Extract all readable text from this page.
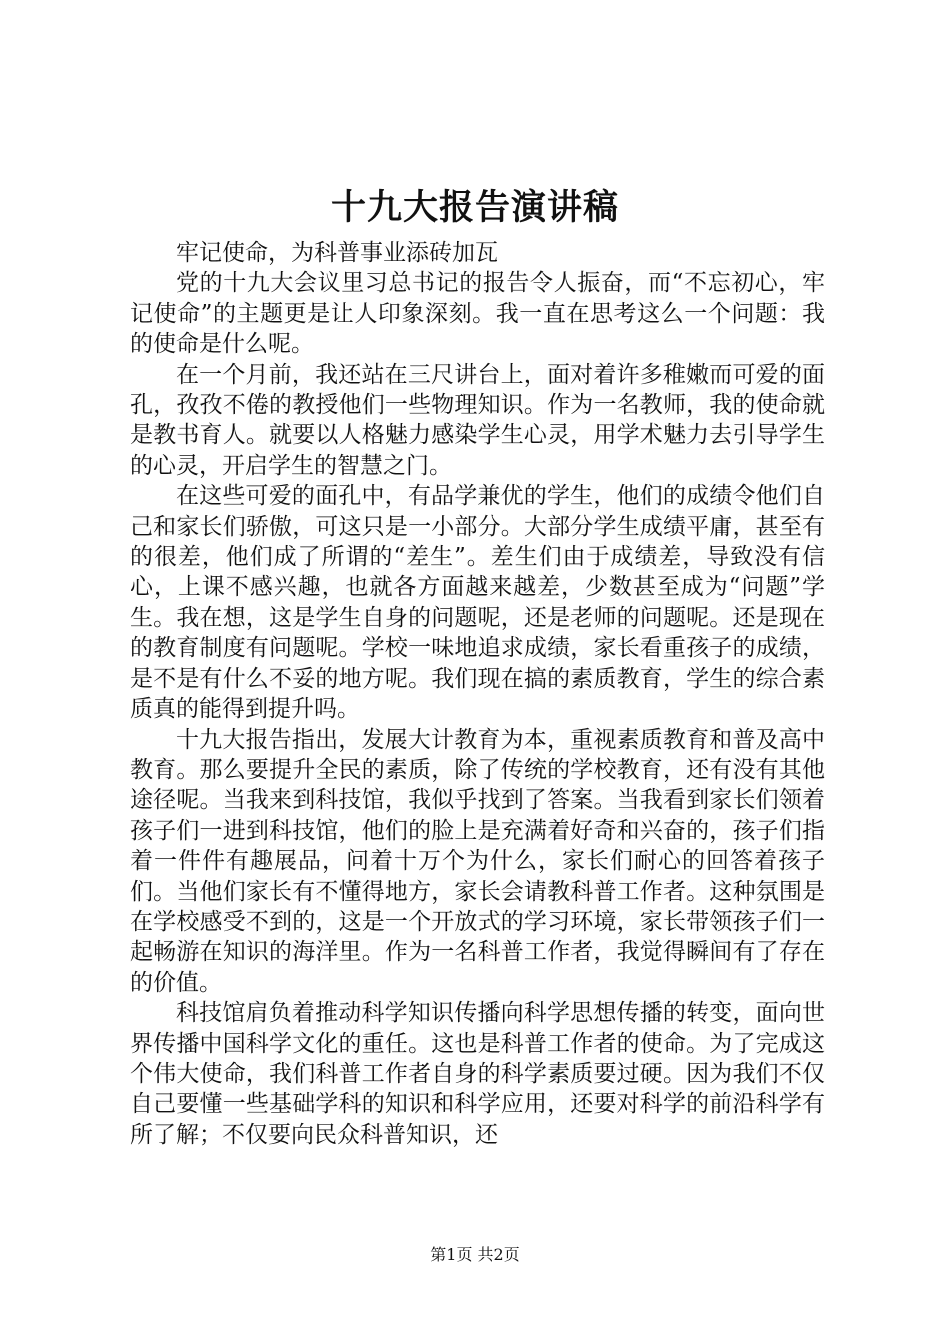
十九大报告演讲稿

牢记使命，为科普事业添砖加瓦

党的十九大会议里习总书记的报告令人振奋，而“不忘初心，牢记使命”的主题更是让人印象深刻。我一直在思考这么一个问题：我的使命是什么呢。

在一个月前，我还站在三尺讲台上，面对着许多稚嫩而可爱的面孔，孜孜不倦的教授他们一些物理知识。作为一名教师，我的使命就是教书育人。就要以人格魅力感染学生心灵，用学术魅力去引导学生的心灵，开启学生的智慧之门。

在这些可爱的面孔中，有品学兼优的学生，他们的成绩令他们自己和家长们骄傲，可这只是一小部分。大部分学生成绩平庸，甚至有的很差，他们成了所谓的“差生”。差生们由于成绩差，导致没有信心，上课不感兴趣，也就各方面越来越差，少数甚至成为“问题”学生。我在想，这是学生自身的问题呢，还是老师的问题呢。还是现在的教育制度有问题呢。学校一味地追求成绩，家长看重孩子的成绩，是不是有什么不妥的地方呢。我们现在搞的素质教育，学生的综合素质真的能得到提升吗。

十九大报告指出，发展大计教育为本，重视素质教育和普及高中教育。那么要提升全民的素质，除了传统的学校教育，还有没有其他途径呢。当我来到科技馆，我似乎找到了答案。当我看到家长们领着孩子们一进到科技馆，他们的脸上是充满着好奇和兴奋的，孩子们指着一件件有趣展品，问着十万个为什么，家长们耐心的回答着孩子们。当他们家长有不懂得地方，家长会请教科普工作者。这种氛围是在学校感受不到的，这是一个开放式的学习环境，家长带领孩子们一起畅游在知识的海洋里。作为一名科普工作者，我觉得瞬间有了存在的价值。

科技馆肩负着推动科学知识传播向科学思想传播的转变，面向世界传播中国科学文化的重任。这也是科普工作者的使命。为了完成这个伟大使命，我们科普工作者自身的科学素质要过硬。因为我们不仅自己要懂一些基础学科的知识和科学应用，还要对科学的前沿科学有所了解；不仅要向民众科普知识，还

第1页 共2页
